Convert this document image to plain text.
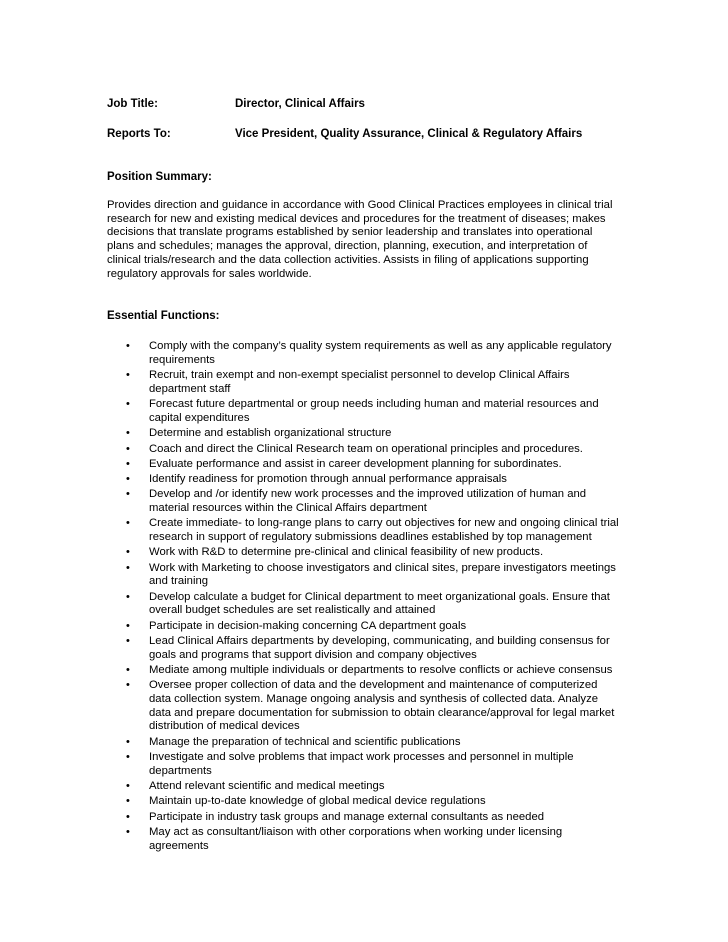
Job Title:	Director, Clinical Affairs
Reports To:	Vice President, Quality Assurance, Clinical & Regulatory Affairs
Position Summary:
Provides direction and guidance in accordance with Good Clinical Practices employees in clinical trial research for new and existing medical devices and procedures for the treatment of diseases; makes decisions that translate programs established by senior leadership and translates into operational plans and schedules; manages the approval, direction, planning, execution, and interpretation of clinical trials/research and the data collection activities. Assists in filing of applications supporting regulatory approvals for sales worldwide.
Essential Functions:
• Comply with the company’s quality system requirements as well as any applicable regulatory requirements
• Recruit, train exempt and non-exempt specialist personnel to develop Clinical Affairs department staff
• Forecast future departmental or group needs including human and material resources and capital expenditures
• Determine and establish organizational structure
• Coach and direct the Clinical Research team on operational principles and procedures.
• Evaluate performance and assist in career development planning for subordinates.
• Identify readiness for promotion through annual performance appraisals
• Develop and /or identify new work processes and the improved utilization of human and material resources within the Clinical Affairs department
• Create immediate- to long-range plans to carry out objectives for new and ongoing clinical trial research in support of regulatory submissions deadlines established by top management
• Work with R&D to determine pre-clinical and clinical feasibility of new products.
• Work with Marketing to choose investigators and clinical sites, prepare investigators meetings and training
• Develop calculate a budget for Clinical department to meet organizational goals. Ensure that overall budget schedules are set realistically and attained
• Participate in decision-making concerning CA department goals
• Lead Clinical Affairs departments by developing, communicating, and building consensus for goals and programs that support division and company objectives
• Mediate among multiple individuals or departments to resolve conflicts or achieve consensus
• Oversee proper collection of data and the development and maintenance of computerized data collection system. Manage ongoing analysis and synthesis of collected data. Analyze data and prepare documentation for submission to obtain clearance/approval for legal market distribution of medical devices
• Manage the preparation of technical and scientific publications
• Investigate and solve problems that impact work processes and personnel in multiple departments
• Attend relevant scientific and medical meetings
• Maintain up-to-date knowledge of global medical device regulations
• Participate in industry task groups and manage external consultants as needed
• May act as consultant/liaison with other corporations when working under licensing agreements
